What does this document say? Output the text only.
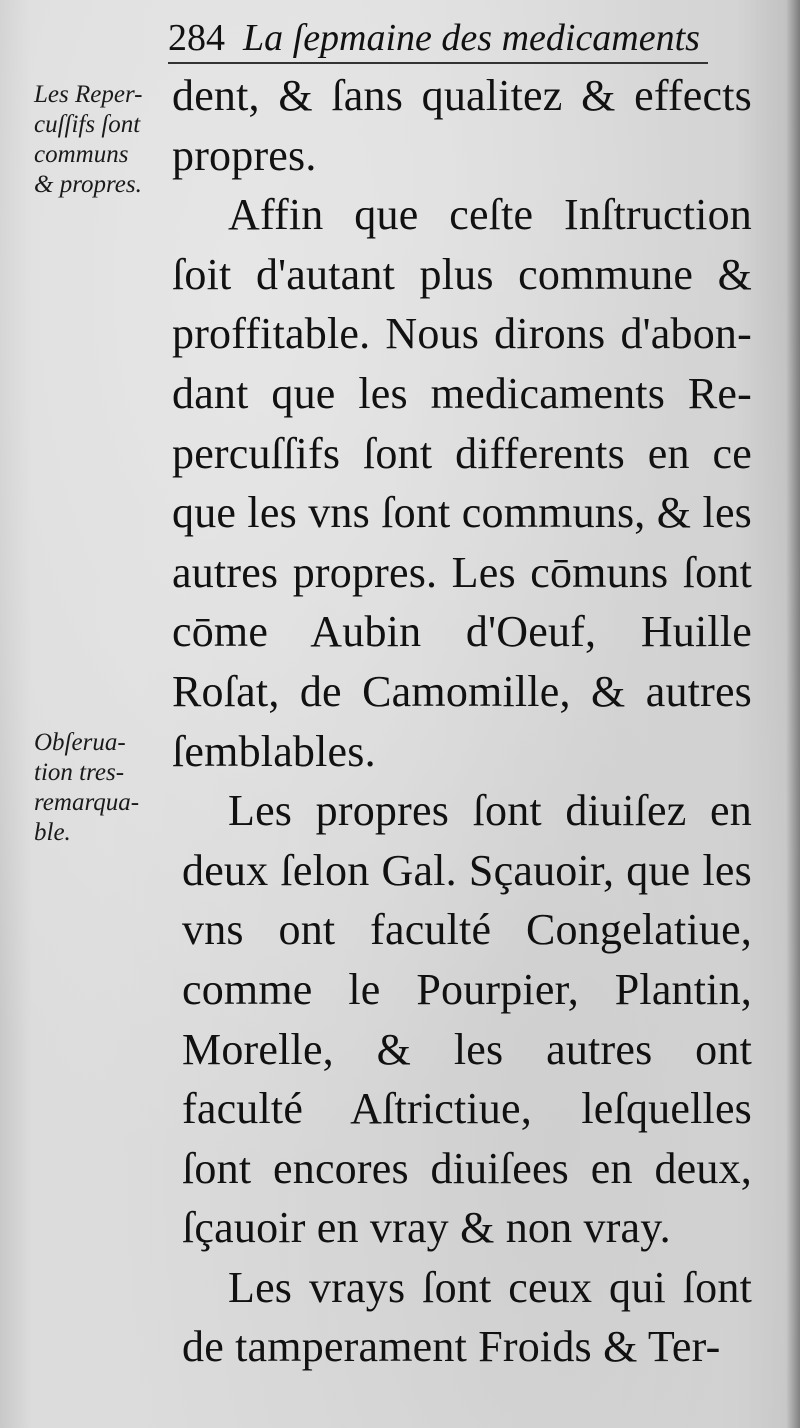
284 La ſepmaine des medicaments
Les Reper-
cuſſifs ſont
communs
& propres.
Obſerua-
tion tres-
remarqua-
ble.
dent, & ſans qualitez & effects
propres.
Affin que ceſte Inſtruction
ſoit d'autant plus commune &
proffitable. Nous dirons d'abon-
dant que les medicaments Re-
percuſſifs ſont differents en ce
que les vns ſont communs, & les
autres propres. Les cōmuns ſont
cōme Aubin d'Oeuf, Huille
Roſat, de Camomille, & autres
ſemblables.
Les propres ſont diuiſez en
deux ſelon Gal. Sçauoir, que les
vns ont faculté Congelatiue,
comme le Pourpier, Plantin,
Morelle, & les autres ont
faculté Aſtrictiue, leſquelles
ſont encores diuiſees en deux,
ſçauoir en vray & non vray.
Les vrays ſont ceux qui ſont
de tamperament Froids & Ter-
